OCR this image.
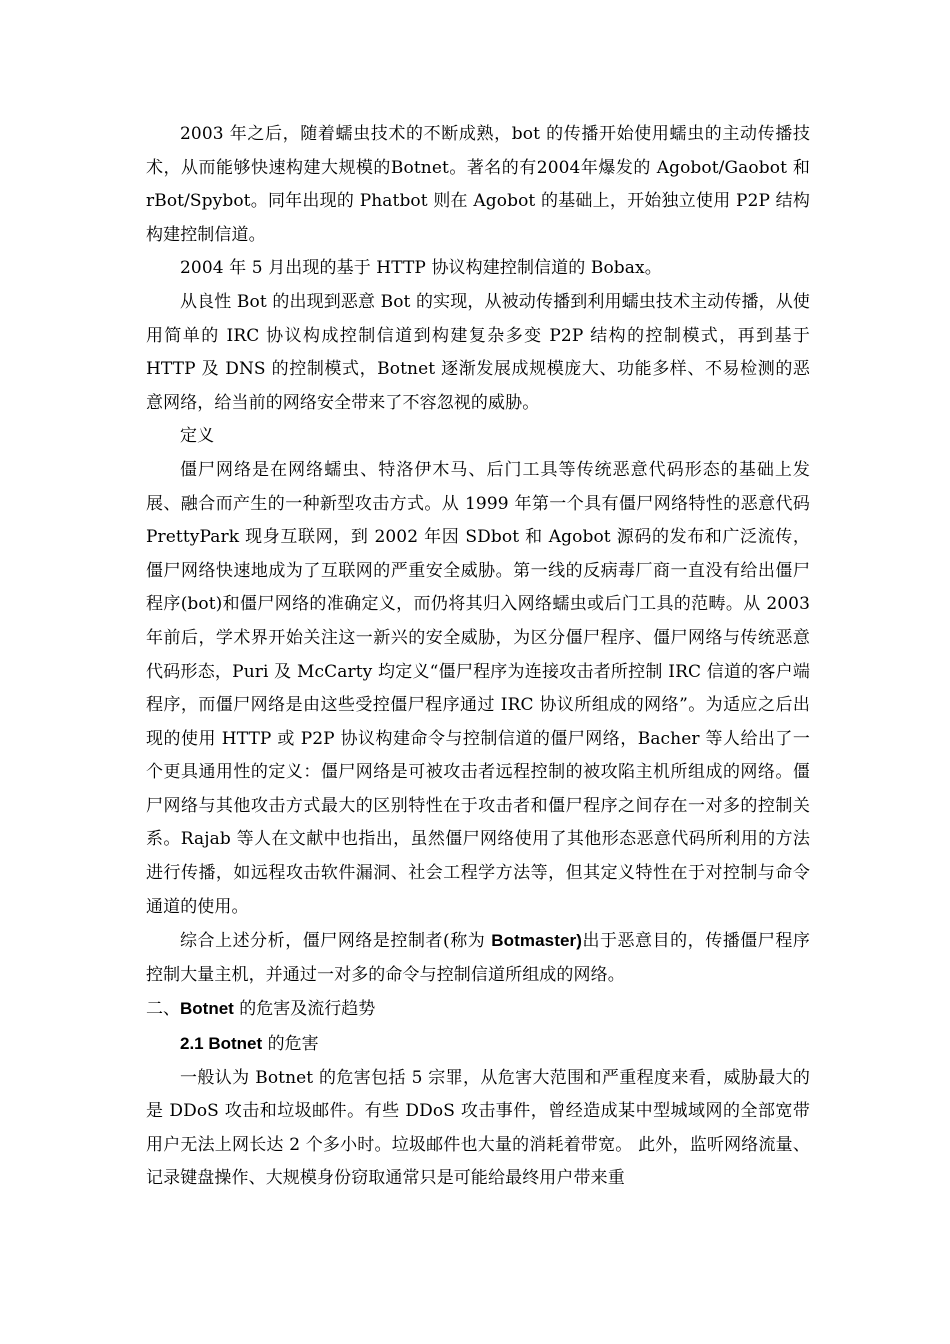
2003 年之后，随着蠕虫技术的不断成熟，bot 的传播开始使用蠕虫的主动传播技术，从而能够快速构建大规模的Botnet。著名的有2004年爆发的 Agobot/Gaobot 和 rBot/Spybot。同年出现的 Phatbot 则在 Agobot 的基础上，开始独立使用 P2P 结构构建控制信道。

2004 年 5 月出现的基于 HTTP 协议构建控制信道的 Bobax。

从良性 Bot 的出现到恶意 Bot 的实现，从被动传播到利用蠕虫技术主动传播，从使用简单的 IRC 协议构成控制信道到构建复杂多变 P2P 结构的控制模式，再到基于 HTTP 及 DNS 的控制模式，Botnet 逐渐发展成规模庞大、功能多样、不易检测的恶意网络，给当前的网络安全带来了不容忽视的威胁。

定义

僵尸网络是在网络蠕虫、特洛伊木马、后门工具等传统恶意代码形态的基础上发展、融合而产生的一种新型攻击方式。从 1999 年第一个具有僵尸网络特性的恶意代码 PrettyPark 现身互联网，到 2002 年因 SDbot 和 Agobot 源码的发布和广泛流传，僵尸网络快速地成为了互联网的严重安全威胁。第一线的反病毒厂商一直没有给出僵尸程序(bot)和僵尸网络的准确定义，而仍将其归入网络蠕虫或后门工具的范畴。从 2003 年前后，学术界开始关注这一新兴的安全威胁，为区分僵尸程序、僵尸网络与传统恶意代码形态，Puri 及 McCarty 均定义“僵尸程序为连接攻击者所控制 IRC 信道的客户端程序，而僵尸网络是由这些受控僵尸程序通过 IRC 协议所组成的网络”。为适应之后出现的使用 HTTP 或 P2P 协议构建命令与控制信道的僵尸网络，Bacher 等人给出了一个更具通用性的定义：僵尸网络是可被攻击者远程控制的被攻陷主机所组成的网络。僵尸网络与其他攻击方式最大的区别特性在于攻击者和僵尸程序之间存在一对多的控制关系。Rajab 等人在文献中也指出，虽然僵尸网络使用了其他形态恶意代码所利用的方法进行传播，如远程攻击软件漏洞、社会工程学方法等，但其定义特性在于对控制与命令通道的使用。

综合上述分析，僵尸网络是控制者(称为 Botmaster)出于恶意目的，传播僵尸程序控制大量主机，并通过一对多的命令与控制信道所组成的网络。

二、Botnet 的危害及流行趋势

2.1 Botnet 的危害

一般认为 Botnet 的危害包括 5 宗罪，从危害大范围和严重程度来看，威胁最大的是 DDoS 攻击和垃圾邮件。有些 DDoS 攻击事件，曾经造成某中型城域网的全部宽带用户无法上网长达 2 个多小时。垃圾邮件也大量的消耗着带宽。 此外，监听网络流量、记录键盘操作、大规模身份窃取通常只是可能给最终用户带来重
